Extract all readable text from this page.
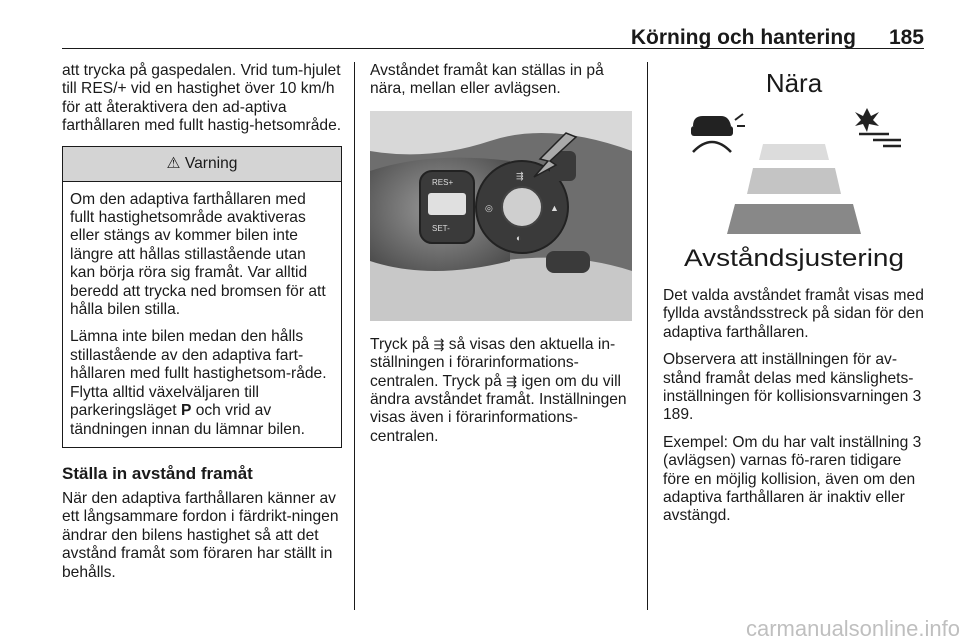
Körning och hantering 185

att trycka på gaspedalen. Vrid tum-hjulet till RES/+ vid en hastighet över 10 km/h för att återaktivera den ad-aptiva farthållaren med fullt hastig-hetsområde.

⚠ Varning

Om den adaptiva farthållaren med fullt hastighetsområde avaktiveras eller stängs av kommer bilen inte längre att hållas stillastående utan kan börja röra sig framåt. Var alltid beredd att trycka ned bromsen för att hålla bilen stilla.

Lämna inte bilen medan den hålls stillastående av den adaptiva fart-hållaren med fullt hastighetsom-råde. Flytta alltid växelväljaren till parkeringsläget P och vrid av tändningen innan du lämnar bilen.

Ställa in avstånd framåt

När den adaptiva farthållaren känner av ett långsammare fordon i färdrikt-ningen ändrar den bilens hastighet så att det avstånd framåt som föraren har ställt in behålls.

Avståndet framåt kan ställas in på nära, mellan eller avlägsen.

RES+
SET-
⇶
◎	▲
◐

Tryck på ⇶ så visas den aktuella in-ställningen i förarinformations-centralen. Tryck på ⇶ igen om du vill ändra avståndet framåt. Inställningen visas även i förarinformations-centralen.

Nära
Avståndsjustering

Det valda avståndet framåt visas med fyllda avståndsstreck på sidan för den adaptiva farthållaren.

Observera att inställningen för av-stånd framåt delas med känslighets-inställningen för kollisionsvarningen 3 189.

Exempel: Om du har valt inställning 3 (avlägsen) varnas fö-raren tidigare före en möjlig kollision, även om den adaptiva farthållaren är inaktiv eller avstängd.

carmanualsonline.info
